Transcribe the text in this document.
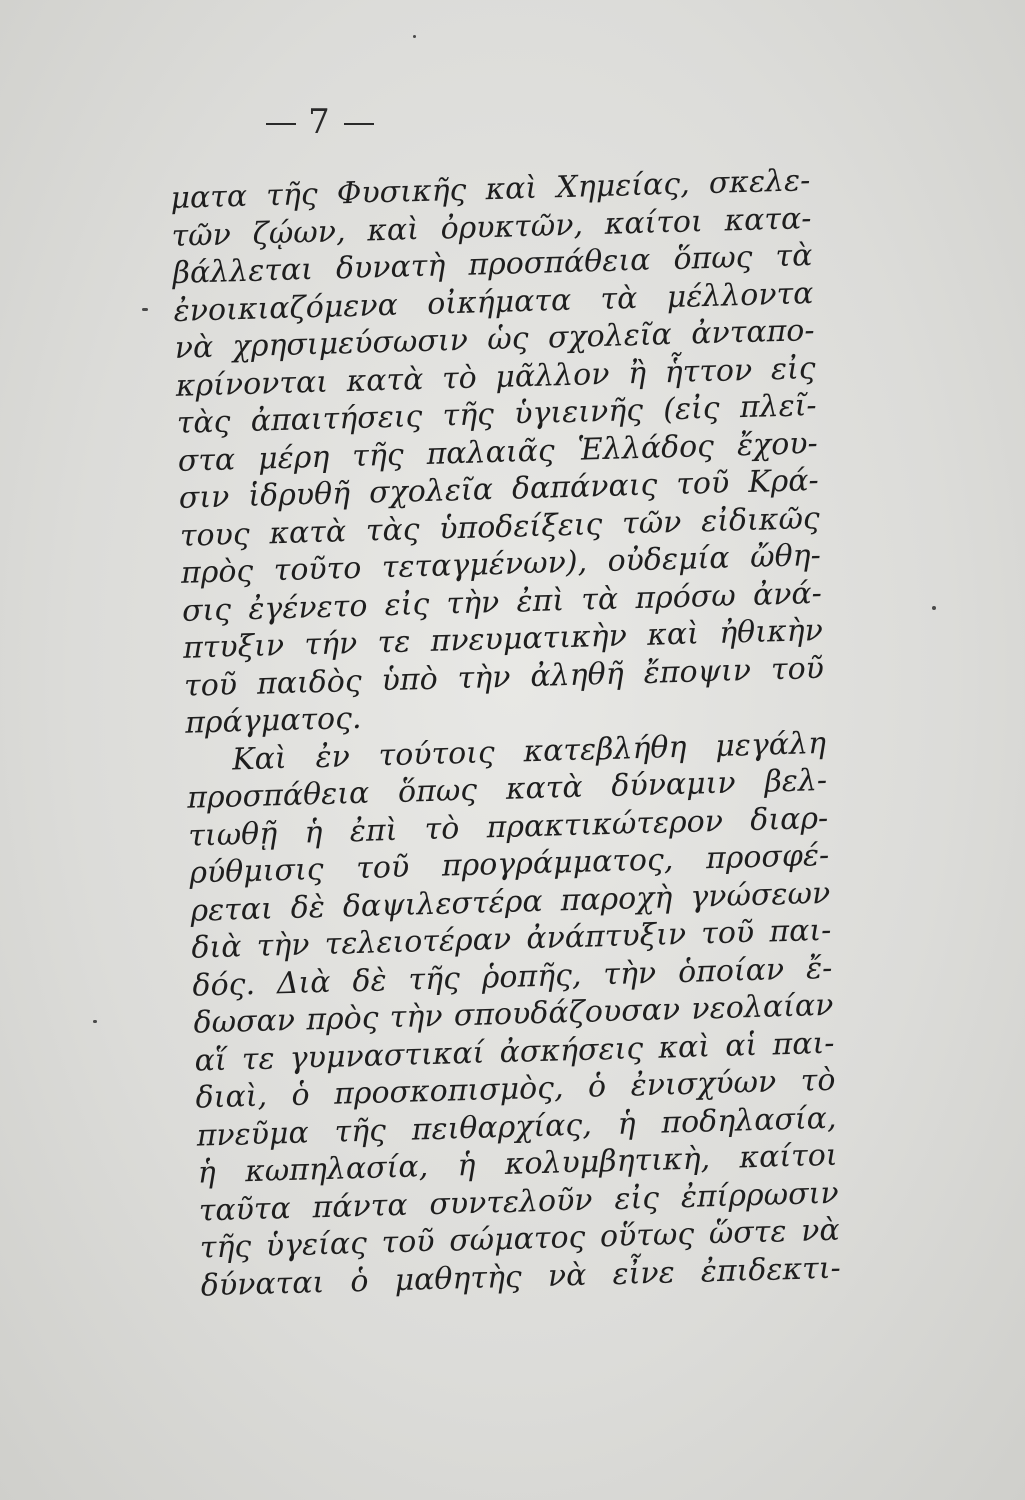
7
ματα τῆς Φυσικῆς καὶ Χημείας, σκελε-
τῶν ζῴων, καὶ ὀρυκτῶν, καίτοι κατα-
βάλλεται δυνατὴ προσπάθεια ὅπως τὰ
ἐνοικιαζόμενα οἰκήματα τὰ μέλλοντα
νὰ χρησιμεύσωσιν ὡς σχολεῖα ἀνταπο-
κρίνονται κατὰ τὸ μᾶλλον ἢ ἧττον εἰς
τὰς ἀπαιτήσεις τῆς ὑγιεινῆς (εἰς πλεῖ-
στα μέρη τῆς παλαιᾶς Ἑλλάδος ἔχου-
σιν ἱδρυθῆ σχολεῖα δαπάναις τοῦ Κρά-
τους κατὰ τὰς ὑποδείξεις τῶν εἰδικῶς
πρὸς τοῦτο τεταγμένων), οὐδεμία ὤθη-
σις ἐγένετο εἰς τὴν ἐπὶ τὰ πρόσω ἀνά-
πτυξιν τήν τε πνευματικὴν καὶ ἠθικὴν
τοῦ παιδὸς ὑπὸ τὴν ἀληθῆ ἔποψιν τοῦ
πράγματος.
Καὶ ἐν τούτοις κατεβλήθη μεγάλη
προσπάθεια ὅπως κατὰ δύναμιν βελ-
τιωθῇ ἡ ἐπὶ τὸ πρακτικώτερον διαρ-
ρύθμισις τοῦ προγράμματος, προσφέ-
ρεται δὲ δαψιλεστέρα παροχὴ γνώσεων
διὰ τὴν τελειοτέραν ἀνάπτυξιν τοῦ παι-
δός. Διὰ δὲ τῆς ῥοπῆς, τὴν ὁποίαν ἔ-
δωσαν πρὸς τὴν σπουδάζουσαν νεολαίαν
αἵ τε γυμναστικαί ἀσκήσεις καὶ αἱ παι-
διαὶ, ὁ προσκοπισμὸς, ὁ ἐνισχύων τὸ
πνεῦμα τῆς πειθαρχίας, ἡ ποδηλασία,
ἡ κωπηλασία, ἡ κολυμβητικὴ, καίτοι
ταῦτα πάντα συντελοῦν εἰς ἐπίρρωσιν
τῆς ὑγείας τοῦ σώματος οὕτως ὥστε νὰ
δύναται ὁ μαθητὴς νὰ εἶνε ἐπιδεκτι-
